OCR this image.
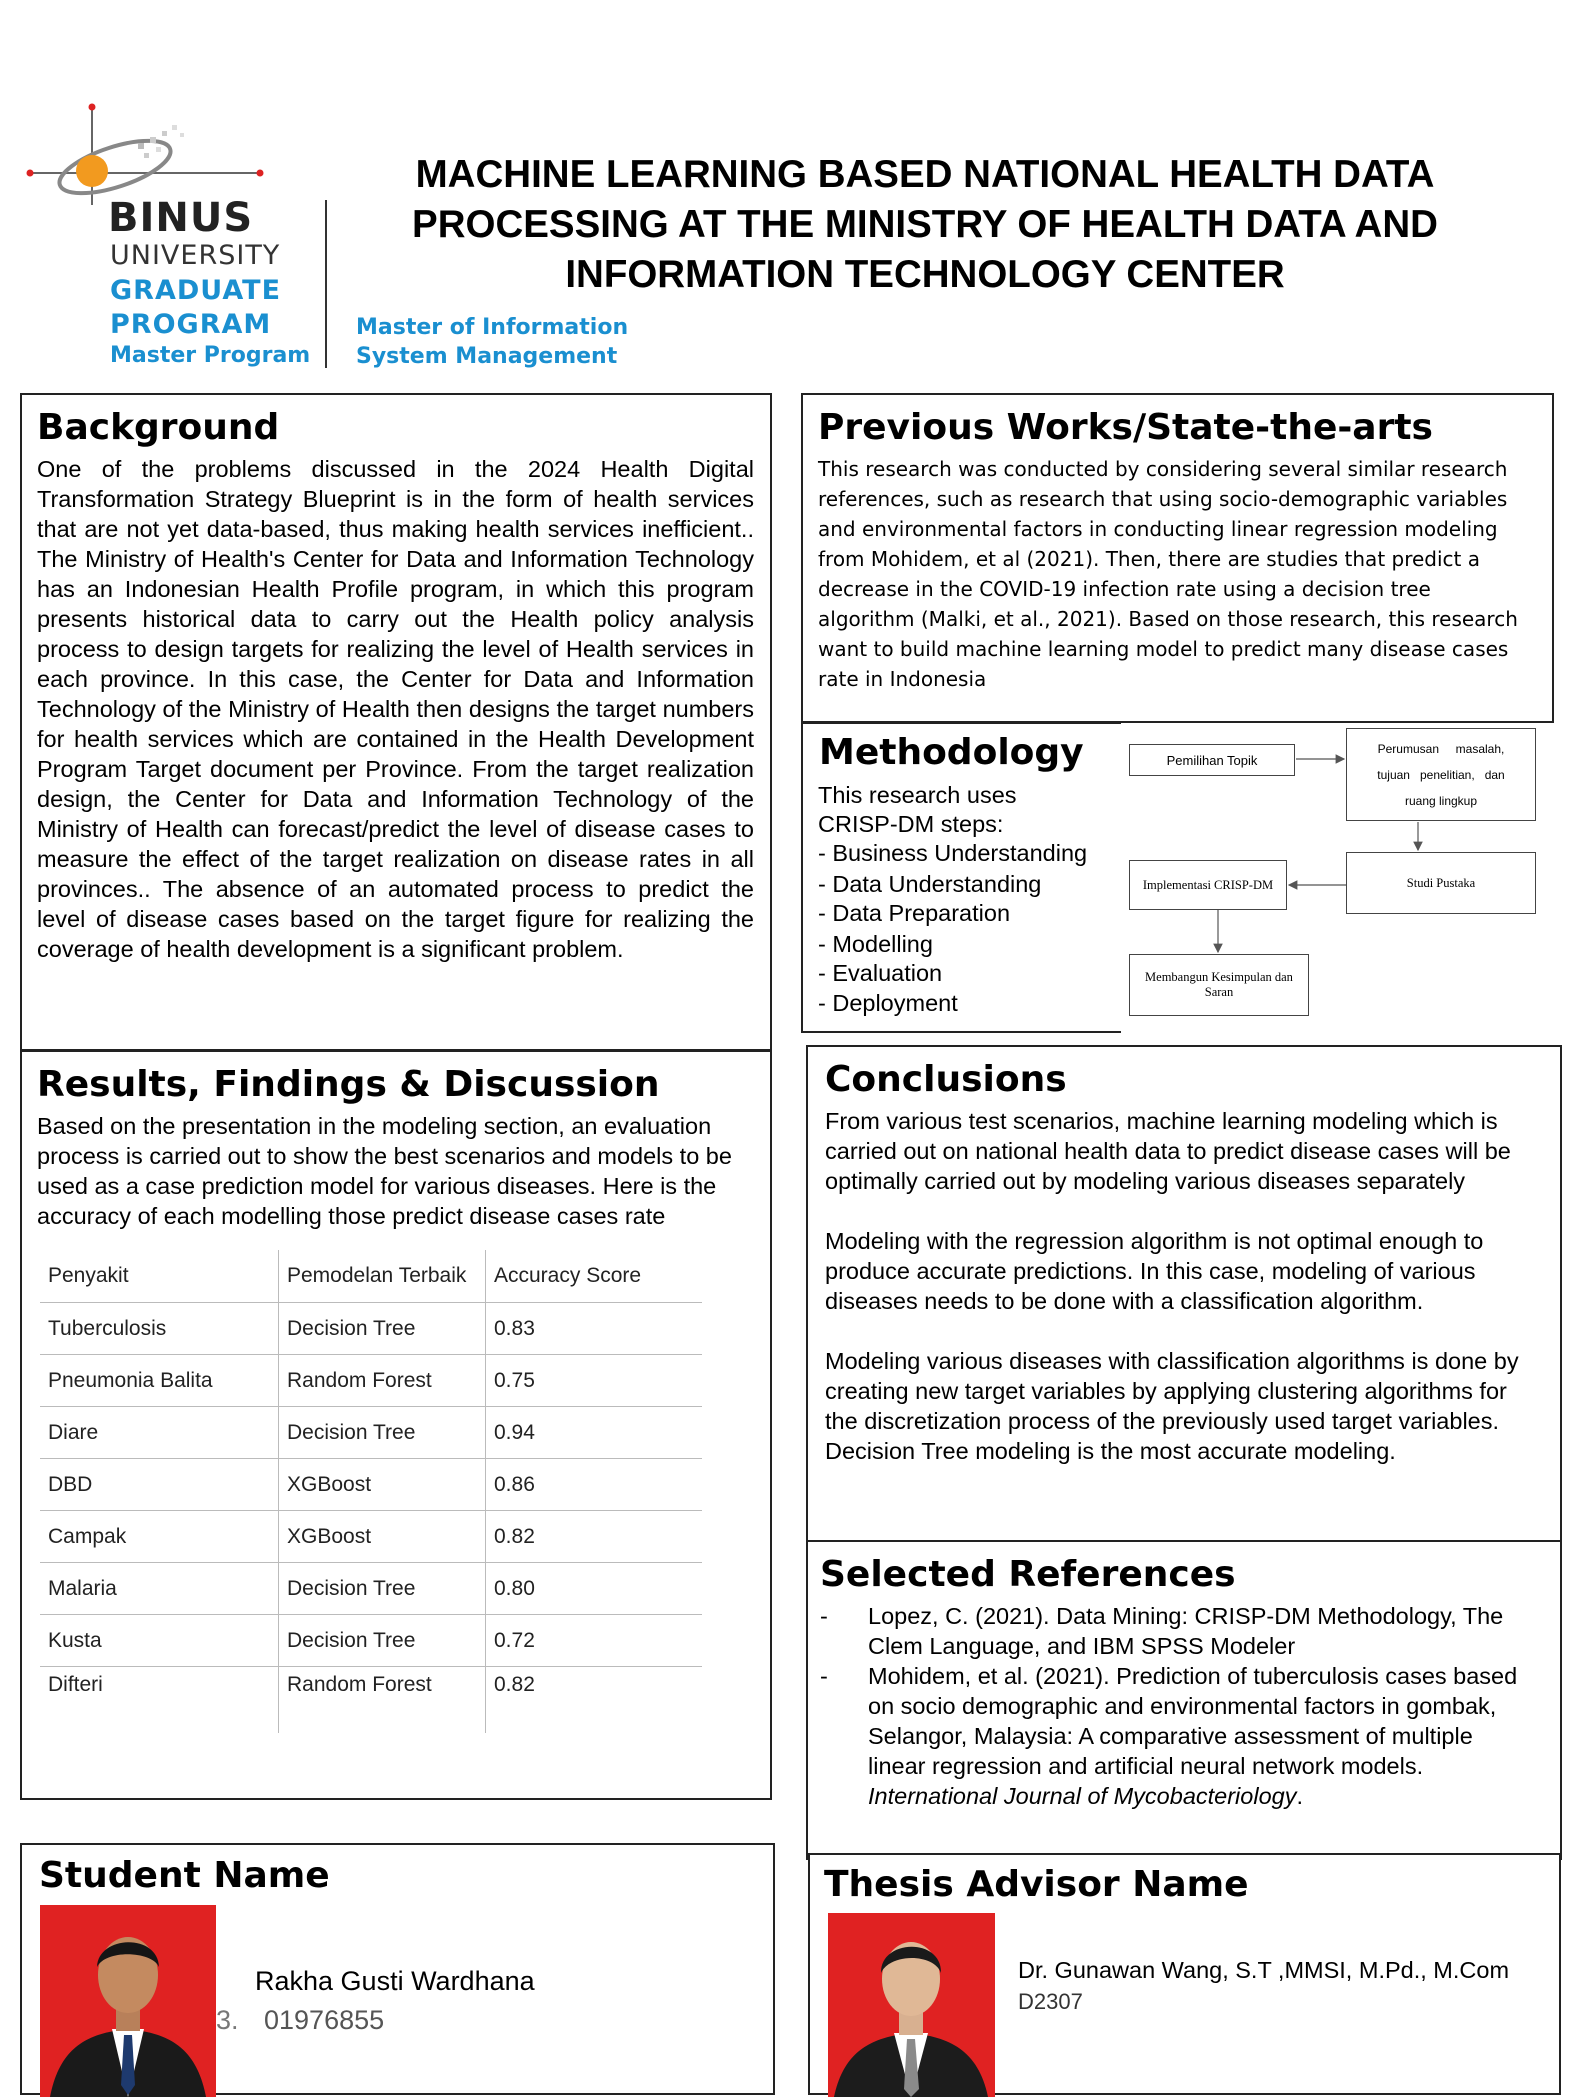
BINUS
UNIVERSITY
GRADUATE
PROGRAM
Master Program
Master of Information
System Management
MACHINE LEARNING BASED NATIONAL HEALTH DATA PROCESSING AT THE MINISTRY OF HEALTH DATA AND INFORMATION TECHNOLOGY CENTER
Background

One of the problems discussed in the 2024 Health Digital Transformation Strategy Blueprint is in the form of health services that are not yet data-based, thus making health services inefficient.. The Ministry of Health's Center for Data and Information Technology has an Indonesian Health Profile program, in which this program presents historical data to carry out the Health policy analysis process to design targets for realizing the level of Health services in each province. In this case, the Center for Data and Information Technology of the Ministry of Health then designs the target numbers for health services which are contained in the Health Development Program Target document per Province. From the target realization design, the Center for Data and Information Technology of the Ministry of Health can forecast/predict the level of disease cases to measure the effect of the target realization on disease rates in all provinces.. The absence of an automated process to predict the level of disease cases based on the target figure for realizing the coverage of health development is a significant problem.

Previous Works/State-the-arts

This research was conducted by considering several similar research references, such as research that using socio-demographic variables and environmental factors in conducting linear regression modeling from Mohidem, et al (2021). Then, there are studies that predict a decrease in the COVID-19 infection rate using a decision tree algorithm (Malki, et al., 2021). Based on those research, this research want to build machine learning model to predict many disease cases rate in Indonesia

Methodology
This research uses
CRISP-DM steps:
- Business Understanding
- Data Understanding
- Data Preparation
- Modelling
- Evaluation
- Deployment
Pemilihan Topik
Perumusan     masalah,
tujuan   penelitian,   dan
ruang lingkup
Studi Pustaka
Implementasi CRISP-DM
Membangun Kesimpulan dan Saran
Results, Findings & Discussion

Based on the presentation in the modeling section, an evaluation process is carried out to show the best scenarios and models to be used as a case prediction model for various diseases. Here is the accuracy of each modelling those predict disease cases rate

Penyakit	Pemodelan Terbaik	Accuracy Score
Tuberculosis	Decision Tree	0.83
Pneumonia Balita	Random Forest	0.75
Diare	Decision Tree	0.94
DBD	XGBoost	0.86
Campak	XGBoost	0.82
Malaria	Decision Tree	0.80
Kusta	Decision Tree	0.72
Difteri	Random Forest	0.82
Conclusions

From various test scenarios, machine learning modeling which is carried out on national health data to predict disease cases will be optimally carried out by modeling various diseases separately

Modeling with the regression algorithm is not optimal enough to produce accurate predictions. In this case, modeling of various diseases needs to be done with a classification algorithm.

Modeling various diseases with classification algorithms is done by creating new target variables by applying clustering algorithms for the discretization process of the previously used target variables. Decision Tree modeling is the most accurate modeling.

Selected References
-	Lopez, C. (2021). Data Mining: CRISP-DM Methodology, The Clem Language, and IBM SPSS Modeler
-	Mohidem, et al. (2021). Prediction of tuberculosis cases based on socio demographic and environmental factors in gombak, Selangor, Malaysia: A comparative assessment of multiple linear regression and artificial neural network models. International Journal of Mycobacteriology.
Student Name
Rakha Gusti Wardhana
3. 01976855
Thesis Advisor Name
Dr. Gunawan Wang, S.T ,MMSI, M.Pd., M.Com
D2307
